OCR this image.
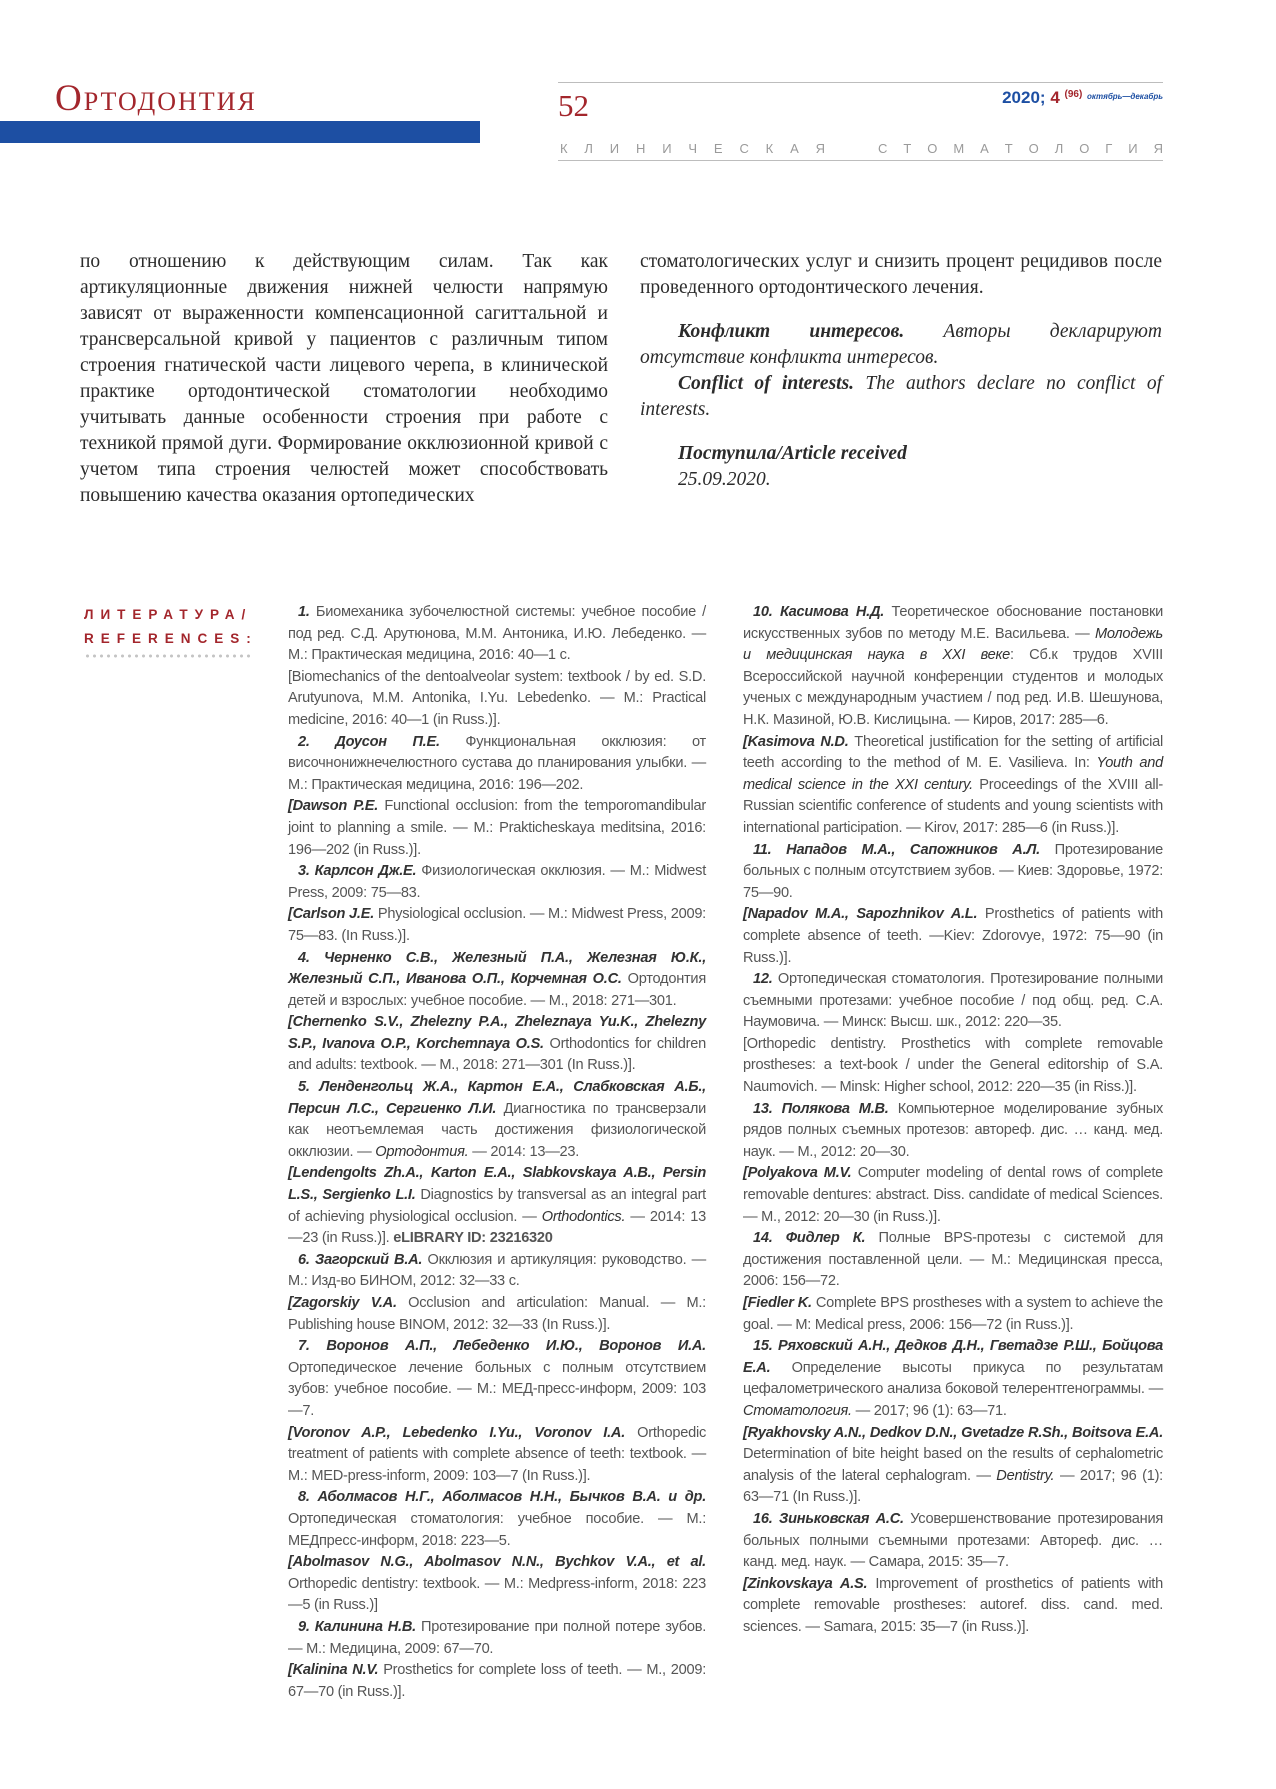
Ортодонтия	52	2020; 4 $^{(96)}$ $^{октябрь—декабрь}$
К Л И Н И Ч Е С К А Я	С Т О М А Т О Л О Г И Я
по отношению к действующим силам. Так как артикуляционные движения нижней челюсти напрямую зависят от выраженности компенсационной сагиттальной и трансверсальной кривой у пациентов с различным типом строения гнатической части лицевого черепа, в клинической практике ортодонтической стоматологии необходимо учитывать данные особенности строения при работе с техникой прямой дуги. Формирование окклюзионной кривой с учетом типа строения челюстей может способствовать повышению качества оказания ортопедических

стоматологических услуг и снизить процент рецидивов после проведенного ортодонтического лечения.

Конфликт интересов. Авторы декларируют отсутствие конфликта интересов.

Conflict of interests. The authors declare no conflict of interests.

Поступила/Article received

25.09.2020.

ЛИТЕРАТУРА/
REFERENCES:

1. Биомеханика зубочелюстной системы: учебное пособие / под ред. С.Д. Арутюнова, М.М. Антоника, И.Ю. Лебеденко. — М.: Практическая медицина, 2016: 40—1 с.

[Biomechanics of the dentoalveolar system: textbook / by ed. S.D. Arutyunova, M.M. Antonika, I.Yu. Lebedenko. — M.: Practical medicine, 2016: 40—1 (in Russ.)].

2. Доусон П.Е. Функциональная окклюзия: от височнонижнечелюстного сустава до планирования улыбки. — М.: Практическая медицина, 2016: 196—202.

[Dawson P.E. Functional occlusion: from the temporomandibular joint to planning a smile. — M.: Prakticheskaya meditsina, 2016: 196—202 (in Russ.)].

3. Карлсон Дж.Е. Физиологическая окклюзия. — М.: Midwest Press, 2009: 75—83.

[Carlson J.E. Physiological occlusion. — M.: Midwest Press, 2009: 75—83. (In Russ.)].

4. Черненко С.В., Железный П.А., Железная Ю.К., Железный С.П., Иванова О.П., Корчемная О.С. Ортодонтия детей и взрослых: учебное пособие. — М., 2018: 271—301.

[Chernenko S.V., Zhelezny P.A., Zheleznaya Yu.K., Zhelezny S.P., Ivanova O.P., Korchemnaya O.S. Orthodontics for children and adults: textbook. — M., 2018: 271—301 (In Russ.)].

5. Ленденгольц Ж.А., Картон Е.А., Слабковская А.Б., Персин Л.С., Сергиенко Л.И. Диагностика по трансверзали как неотъемлемая часть достижения физиологической окклюзии. — Ортодонтия. — 2014: 13—23.

[Lendengolts Zh.A., Karton E.A., Slabkovskaya A.B., Persin L.S., Sergienko L.I. Diagnostics by transversal as an integral part of achieving physiological occlusion. — Orthodontics. — 2014: 13—23 (in Russ.)]. eLIBRARY ID: 23216320

6. Загорский В.А. Окклюзия и артикуляция: руководство. — М.: Изд-во БИНОМ, 2012: 32—33 с.

[Zagorskiy V.A. Occlusion and articulation: Manual. — M.: Publishing house BINOM, 2012: 32—33 (In Russ.)].

7. Воронов А.П., Лебеденко И.Ю., Воронов И.А. Ортопедическое лечение больных с полным отсутствием зубов: учебное пособие. — М.: МЕД-пресс-информ, 2009: 103—7.

[Voronov A.P., Lebedenko I.Yu., Voronov I.A. Orthopedic treatment of patients with complete absence of teeth: textbook. — M.: MED-press-inform, 2009: 103—7 (In Russ.)].

8. Аболмасов Н.Г., Аболмасов Н.Н., Бычков В.А. и др. Ортопедическая стоматология: учебное пособие. — М.: МЕДпресс-информ, 2018: 223—5.

[Abolmasov N.G., Abolmasov N.N., Bychkov V.A., et al. Orthopedic dentistry: textbook. — M.: Medpress-inform, 2018: 223—5 (in Russ.)]

9. Калинина Н.В. Протезирование при полной потере зубов. — М.: Медицина, 2009: 67—70.

[Kalinina N.V. Prosthetics for complete loss of teeth. — M., 2009: 67—70 (in Russ.)].

10. Касимова Н.Д. Теоретическое обоснование постановки искусственных зубов по методу М.Е. Васильева. — Молодежь и медицинская наука в XXI веке: Сб.к трудов XVIII Всероссийской научной конференции студентов и молодых ученых с международным участием / под ред. И.В. Шешунова, Н.К. Мазиной, Ю.В. Кислицына. — Киров, 2017: 285—6.

[Kasimova N.D. Theoretical justification for the setting of artificial teeth according to the method of M. E. Vasilieva. In: Youth and medical science in the XXI century. Proceedings of the XVIII all-Russian scientific conference of students and young scientists with international participation. — Kirov, 2017: 285—6 (in Russ.)].

11. Нападов М.А., Сапожников А.Л. Протезирование больных с полным отсутствием зубов. — Киев: Здоровье, 1972: 75—90.

[Napadov M.A., Sapozhnikov A.L. Prosthetics of patients with complete absence of teeth. —Kiev: Zdorovye, 1972: 75—90 (in Russ.)].

12. Ортопедическая стоматология. Протезирование полными съемными протезами: учебное пособие / под общ. ред. С.А. Наумовича. — Минск: Высш. шк., 2012: 220—35.

[Orthopedic dentistry. Prosthetics with complete removable prostheses: a text-book / under the General editorship of S.A. Naumovich. — Minsk: Higher school, 2012: 220—35 (in Riss.)].

13. Полякова М.В. Компьютерное моделирование зубных рядов полных съемных протезов: автореф. дис. … канд. мед. наук. — М., 2012: 20—30.

[Polyakova M.V. Computer modeling of dental rows of complete removable dentures: abstract. Diss. candidate of medical Sciences. — M., 2012: 20—30 (in Russ.)].

14. Фидлер К. Полные BPS-протезы с системой для достижения поставленной цели. — М.: Медицинская пресса, 2006: 156—72.

[Fiedler K. Complete BPS prostheses with a system to achieve the goal. — M: Medical press, 2006: 156—72 (in Russ.)].

15. Ряховский А.Н., Дедков Д.Н., Гветадзе Р.Ш., Бойцова Е.А. Определение высоты прикуса по результатам цефалометрического анализа боковой телерентгенограммы. — Стоматология. — 2017; 96 (1): 63—71.

[Ryakhovsky A.N., Dedkov D.N., Gvetadze R.Sh., Boitsova E.A. Determination of bite height based on the results of cephalometric analysis of the lateral cephalogram. — Dentistry. — 2017; 96 (1): 63—71 (In Russ.)].

16. Зиньковская А.С. Усовершенствование протезирования больных полными съемными протезами: Автореф. дис. … канд. мед. наук. — Самара, 2015: 35—7.

[Zinkovskaya A.S. Improvement of prosthetics of patients with complete removable prostheses: autoref. diss. cand. med. sciences. — Samara, 2015: 35—7 (in Russ.)].
